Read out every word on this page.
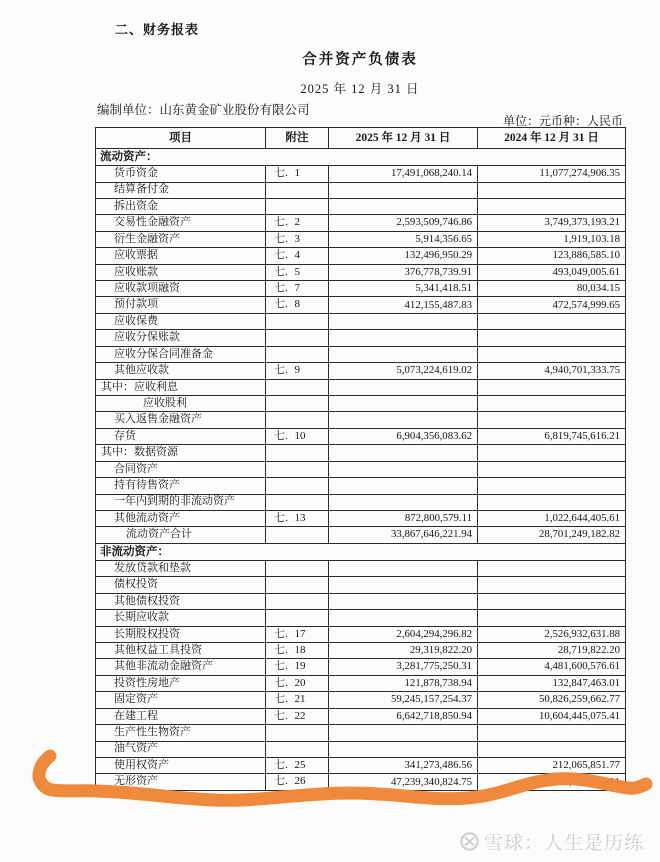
二、财务报表
合并资产负债表
2025 年 12 月 31 日
编制单位：山东黄金矿业股份有限公司
单位：元币种：人民币
项目	附注	2025 年 12 月 31 日	2024 年 12 月 31 日
流动资产：			
货币资金	七. 1	17,491,068,240.14	11,077,274,906.35
结算备付金			
拆出资金			
交易性金融资产	七. 2	2,593,509,746.86	3,749,373,193.21
衍生金融资产	七. 3	5,914,356.65	1,919,103.18
应收票据	七. 4	132,496,950.29	123,886,585.10
应收账款	七. 5	376,778,739.91	493,049,005.61
应收款项融资	七. 7	5,341,418.51	80,034.15
预付款项	七. 8	412,155,487.83	472,574,999.65
应收保费			
应收分保账款			
应收分保合同准备金			
其他应收款	七. 9	5,073,224,619.02	4,940,701,333.75
其中：应收利息			
应收股利			
买入返售金融资产			
存货	七. 10	6,904,356,083.62	6,819,745,616.21
其中：数据资源			
合同资产			
持有待售资产			
一年内到期的非流动资产			
其他流动资产	七. 13	872,800,579.11	1,022,644,405.61
流动资产合计		33,867,646,221.94	28,701,249,182.82
非流动资产：			
发放贷款和垫款			
债权投资			
其他债权投资			
长期应收款			
长期股权投资	七. 17	2,604,294,296.82	2,526,932,631.88
其他权益工具投资	七. 18	29,319,822.20	28,719,822.20
其他非流动金融资产	七. 19	3,281,775,250.31	4,481,600,576.61
投资性房地产	七. 20	121,878,738.94	132,847,463.01
固定资产	七. 21	59,245,157,254.37	50,826,259,662.77
在建工程	七. 22	6,642,718,850.94	10,604,445,075.41
生产性生物资产			
油气资产			
使用权资产	七. 25	341,273,486.56	212,065,851.77
无形资产	七. 26	47,239,340,824.75	47,347,838,861.91
雪球：人生是历练
